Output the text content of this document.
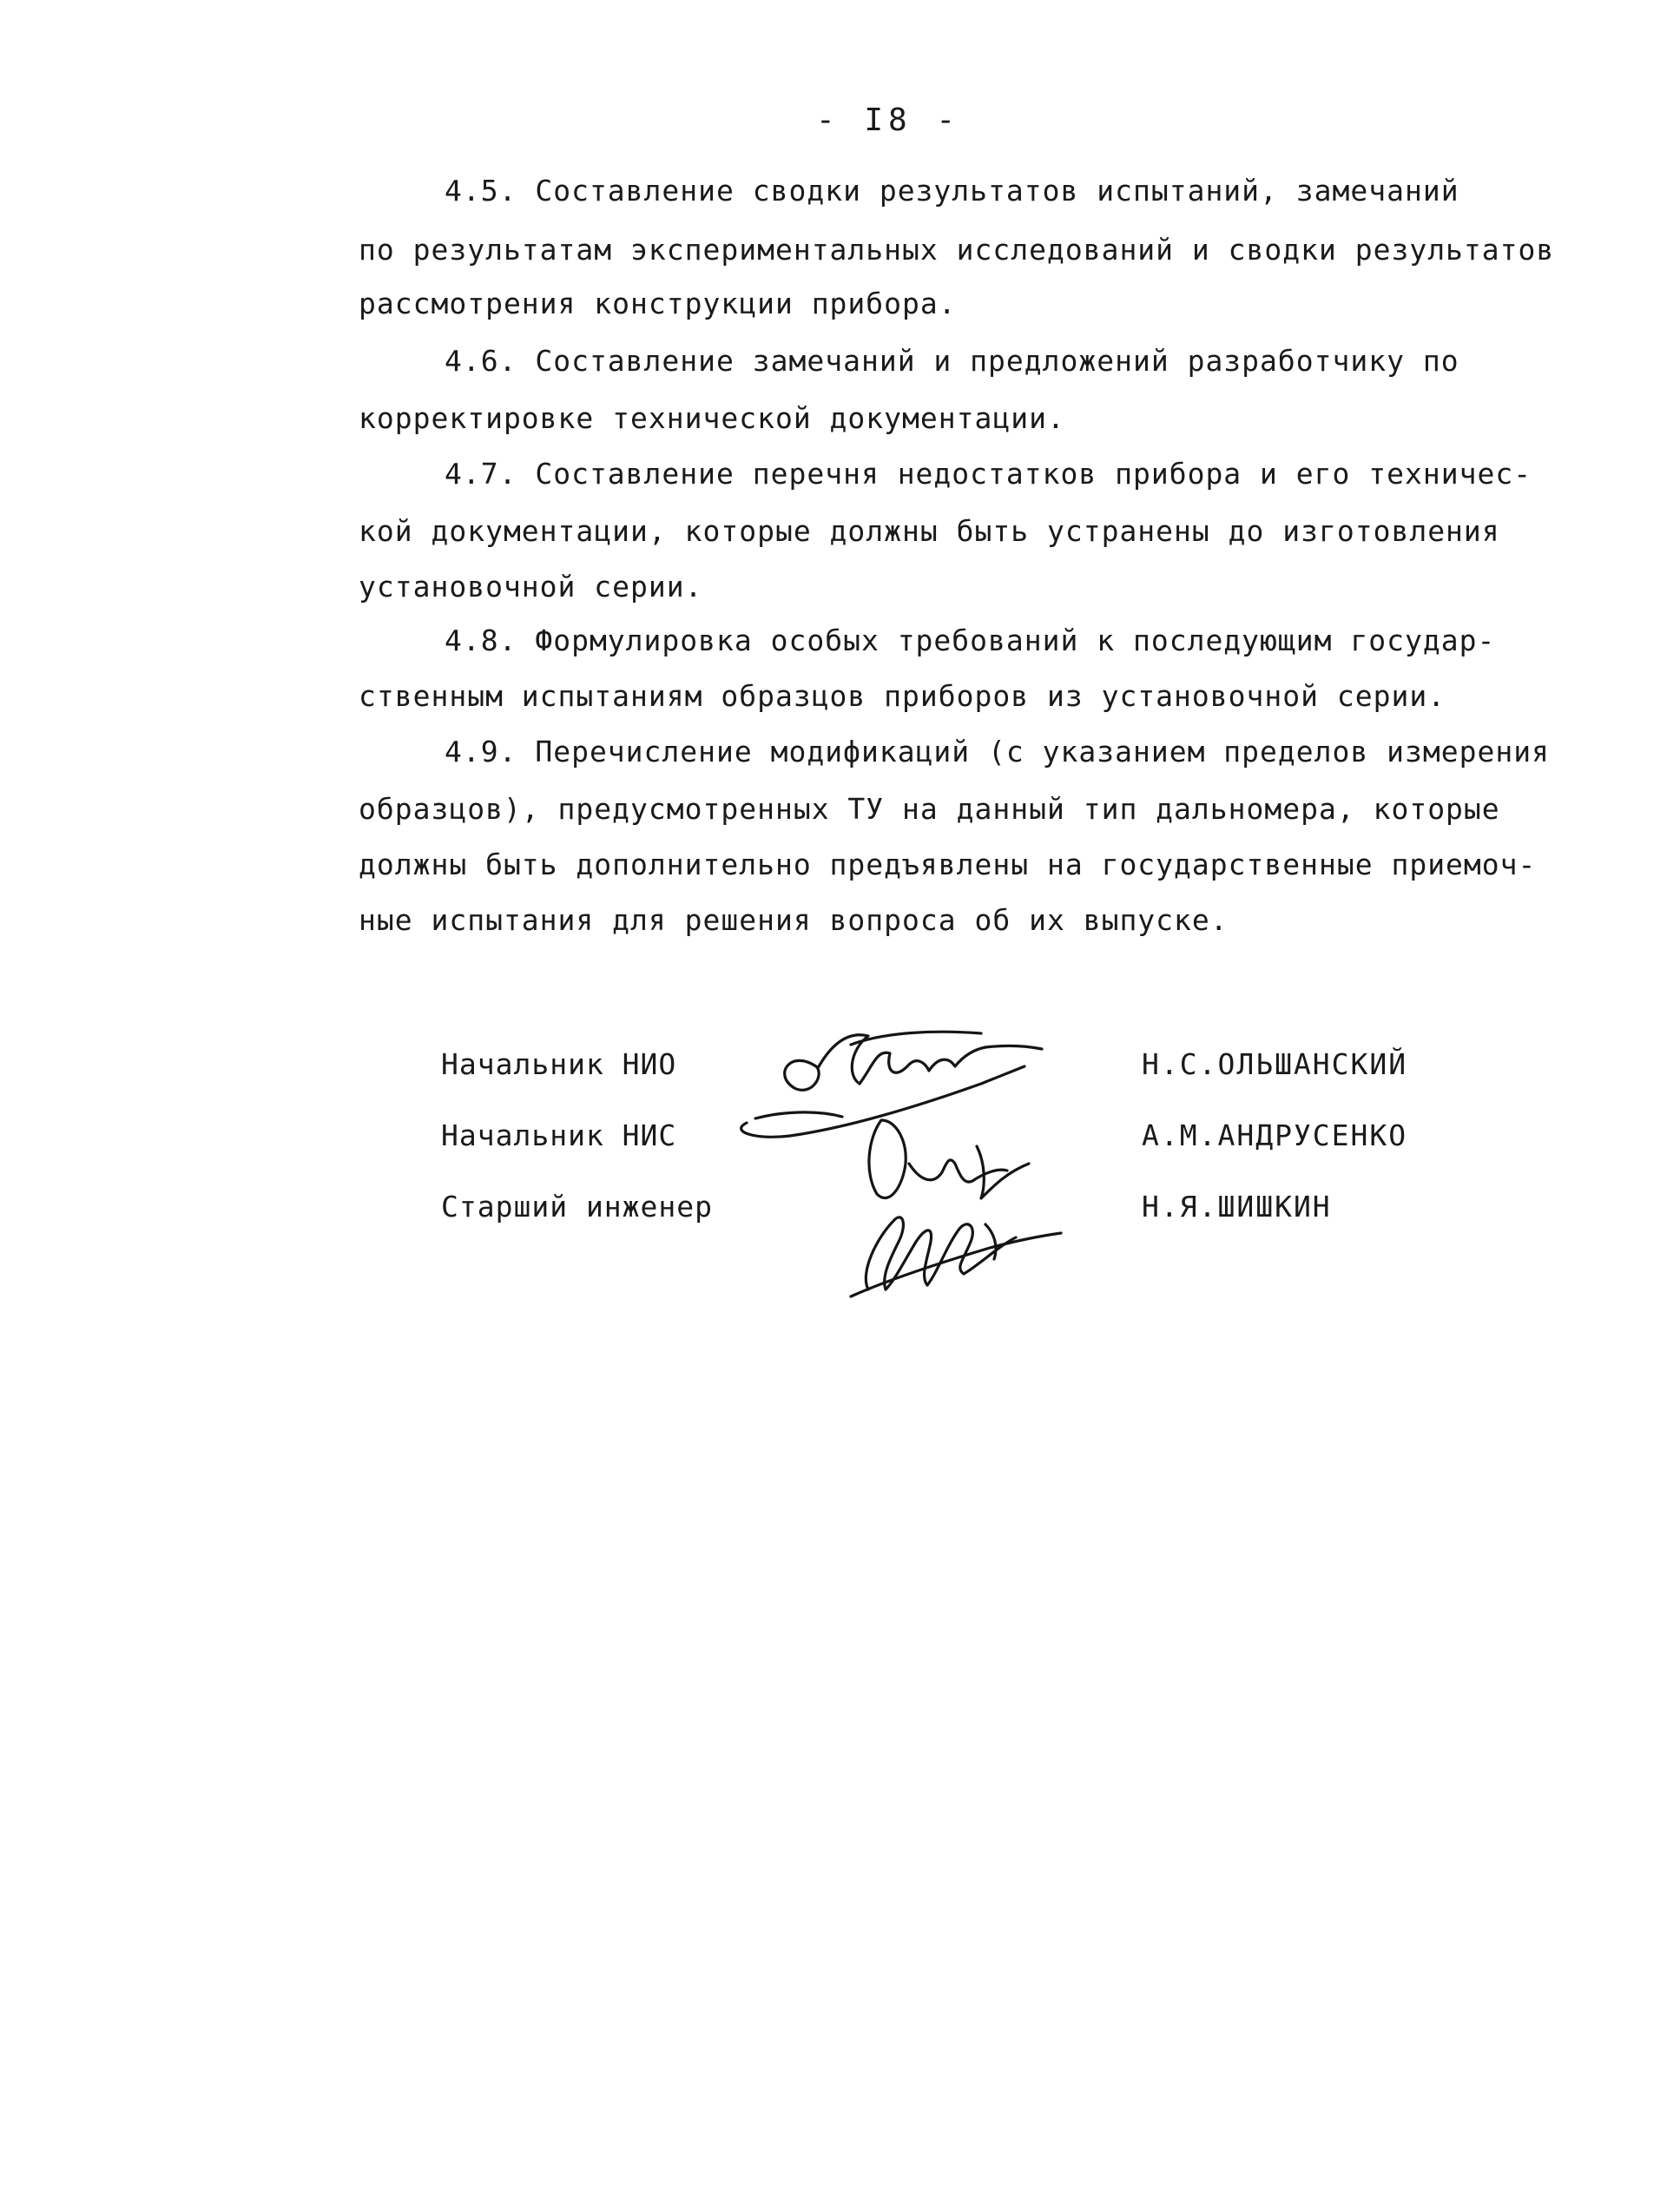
- I8 -
4.5. Составление сводки результатов испытаний, замечаний
по результатам экспериментальных исследований и сводки результатов
рассмотрения конструкции прибора.
4.6. Составление замечаний и предложений разработчику по
корректировке технической документации.
4.7. Составление перечня недостатков прибора и его техничес-
кой документации, которые должны быть устранены до изготовления
установочной серии.
4.8. Формулировка особых требований к последующим государ-
ственным испытаниям образцов приборов из установочной серии.
4.9. Перечисление модификаций (с указанием пределов измерения
образцов), предусмотренных ТУ на данный тип дальномера, которые
должны быть дополнительно предъявлены на государственные приемоч-
ные испытания для решения вопроса об их выпуске.
Начальник НИО
Начальник НИС
Старший инженер
Н.С.ОЛЬШАНСКИЙ
А.М.АНДРУСЕНКО
Н.Я.ШИШКИН
